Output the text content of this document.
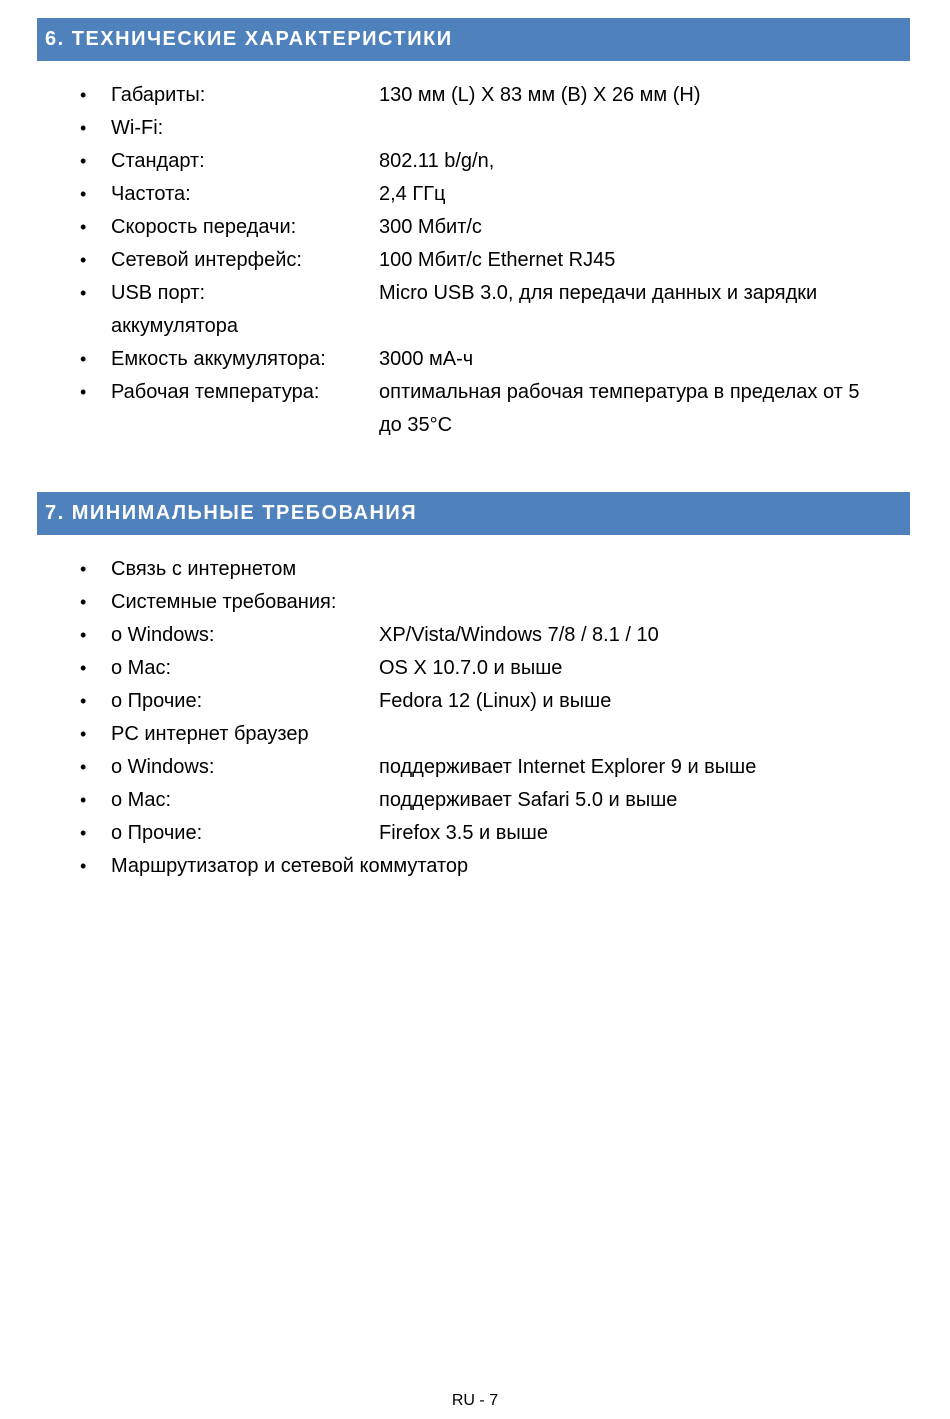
6. ТЕХНИЧЕСКИЕ ХАРАКТЕРИСТИКИ
• Габариты:	130 мм (L) X 83 мм (B) X 26 мм (H)
• Wi-Fi:
• Стандарт:	802.11 b/g/n,
• Частота:	2,4 ГГц
• Скорость передачи:	300 Мбит/с
• Сетевой интерфейс:	100 Мбит/с Ethernet RJ45
• USB порт:	Micro USB 3.0, для передачи данных и зарядки
аккумулятора
• Емкость аккумулятора:	3000 мА-ч
• Рабочая температура:	оптимальная рабочая температура в пределах от 5
до 35°C
7. МИНИМАЛЬНЫЕ ТРЕБОВАНИЯ
• Связь с интернетом
• Системные требования:
• o Windows:	XP/Vista/Windows 7/8 / 8.1 / 10
• o Mac:	OS X 10.7.0 и выше
• o Прочие:	Fedora 12 (Linux) и выше
• PC интернет браузер
• o Windows:	поддерживает Internet Explorer 9 и выше
• o Mac:	поддерживает Safari 5.0 и выше
• o Прочие:	Firefox 3.5 и выше
• Маршрутизатор и сетевой коммутатор
RU - 7
